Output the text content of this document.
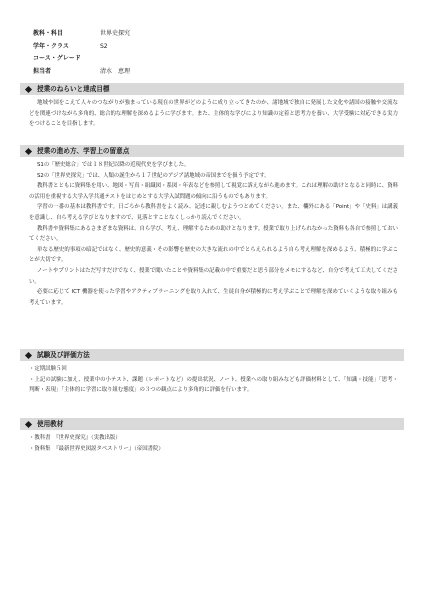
教科・科目	世界史探究
学年・クラス	S2
コース・グレード
担当者	清水　恵理
授業のねらいと達成目標

地域や国をこえて人々のつながりが強まっている現在の世界がどのように成り立ってきたのか、諸地域で独自に発展した文化や諸国の接触や交流などを関連づけながら多角的、総合的な理解を深めるように学びます。また、主体的な学びにより知識の定着と思考力を養い、大学受験に対応できる実力をつけることを目指します。

授業の進め方、学習上の留意点

S1の「歴史総合」では１８世紀以降の近現代史を学びました。

S2の「世界史探究」では、人類の誕生から１７世紀のアジア諸地域の帝国までを扱う予定です。

教科書とともに資料集を用い、地図・写真・組織図・系図・年表などを参照して視覚に訴えながら進めます。これは理解の助けとなると同時に、資料の活用を重視する大学入学共通テストをはじめとする大学入試問題の傾向に沿うものでもあります。

学習の一番の基本は教科書です。日ごろから教科書をよく読み、記述に親しむようつとめてください。また、欄外にある「Point」や「史料」は講義を意識し、自ら考える学びとなりますので、見落とすことなくしっかり読んでください。

教科書や資料集にあるさまざまな資料は、自ら学び、考え、理解するための助けとなります。授業で取り上げられなかった資料も各自で参照しておいてください。

単なる歴史的事項の暗記ではなく、歴史的意義・その影響を歴史の大きな流れの中でとらえられるよう自ら考え理解を深めるよう、積極的に学ぶことが大切です。

ノートやプリントはただ写すだけでなく、授業で聞いたことや資料集の記載の中で重要だと思う部分をメモにするなど、自分で考えて工夫してください。

必要に応じて ICT 機器を使った学習やアクティブラーニングを取り入れて、生徒自身が積極的に考え学ぶことで理解を深めていくような取り組みも考えています。

試験及び評価方法

・定期試験５回

・上記の試験に加え、授業中の小テスト、課題（レポートなど）の提出状況、ノート、授業への取り組みなども評価材料として、「知識・技能」「思考・判断・表現」「主体的に学習に取り組む態度」の３つの観点により多角的に評価を行います。

使用教材

・教科書　『世界史探究』（実教出版）

・資料集　『最新世界史図説タペストリー』（帝国書院）
